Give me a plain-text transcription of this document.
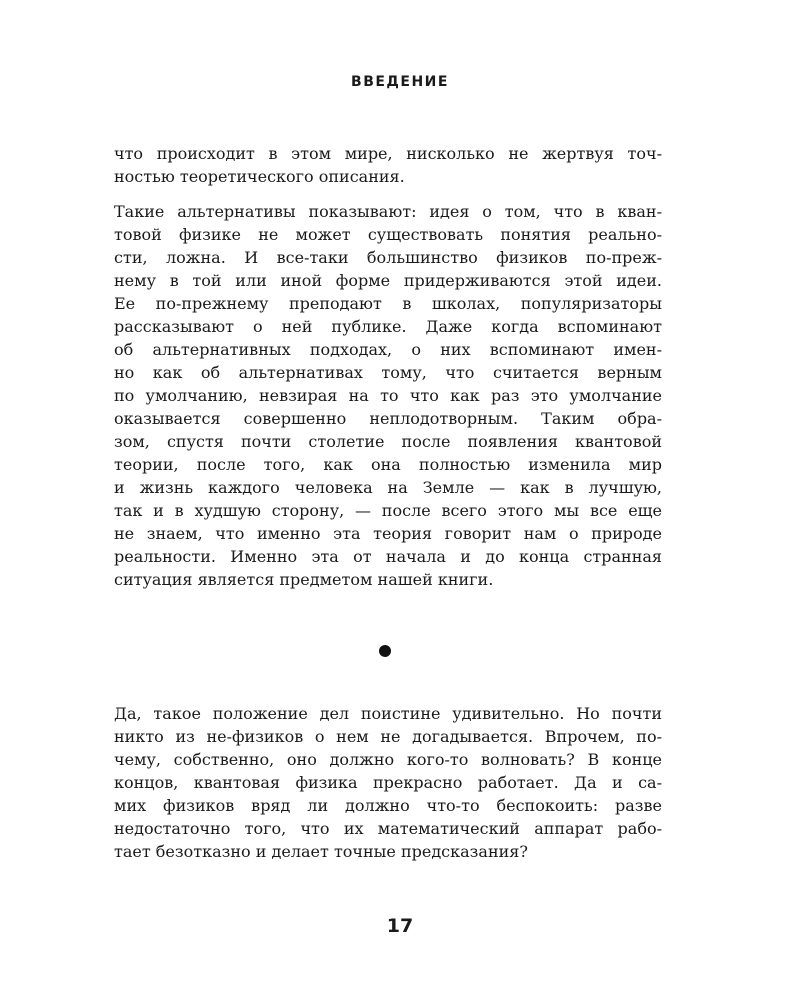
ВВЕДЕНИЕ
что происходит в этом мире, нисколько не жертвуя точ-
ностью теоретического описания.
Такие альтернативы показывают: идея о том, что в кван-
товой физике не может существовать понятия реально-
сти, ложна. И все-таки большинство физиков по-преж-
нему в той или иной форме придерживаются этой идеи.
Ее по-прежнему преподают в школах, популяризаторы
рассказывают о ней публике. Даже когда вспоминают
об альтернативных подходах, о них вспоминают имен-
но как об альтернативах тому, что считается верным
по умолчанию, невзирая на то что как раз это умолчание
оказывается совершенно неплодотворным. Таким обра-
зом, спустя почти столетие после появления квантовой
теории, после того, как она полностью изменила мир
и жизнь каждого человека на Земле — как в лучшую,
так и в худшую сторону, — после всего этого мы все еще
не знаем, что именно эта теория говорит нам о природе
реальности. Именно эта от начала и до конца странная
ситуация является предметом нашей книги.
Да, такое положение дел поистине удивительно. Но почти
никто из не-физиков о нем не догадывается. Впрочем, по-
чему, собственно, оно должно кого-то волновать? В конце
концов, квантовая физика прекрасно работает. Да и са-
мих физиков вряд ли должно что-то беспокоить: разве
недостаточно того, что их математический аппарат рабо-
тает безотказно и делает точные предсказания?
17
